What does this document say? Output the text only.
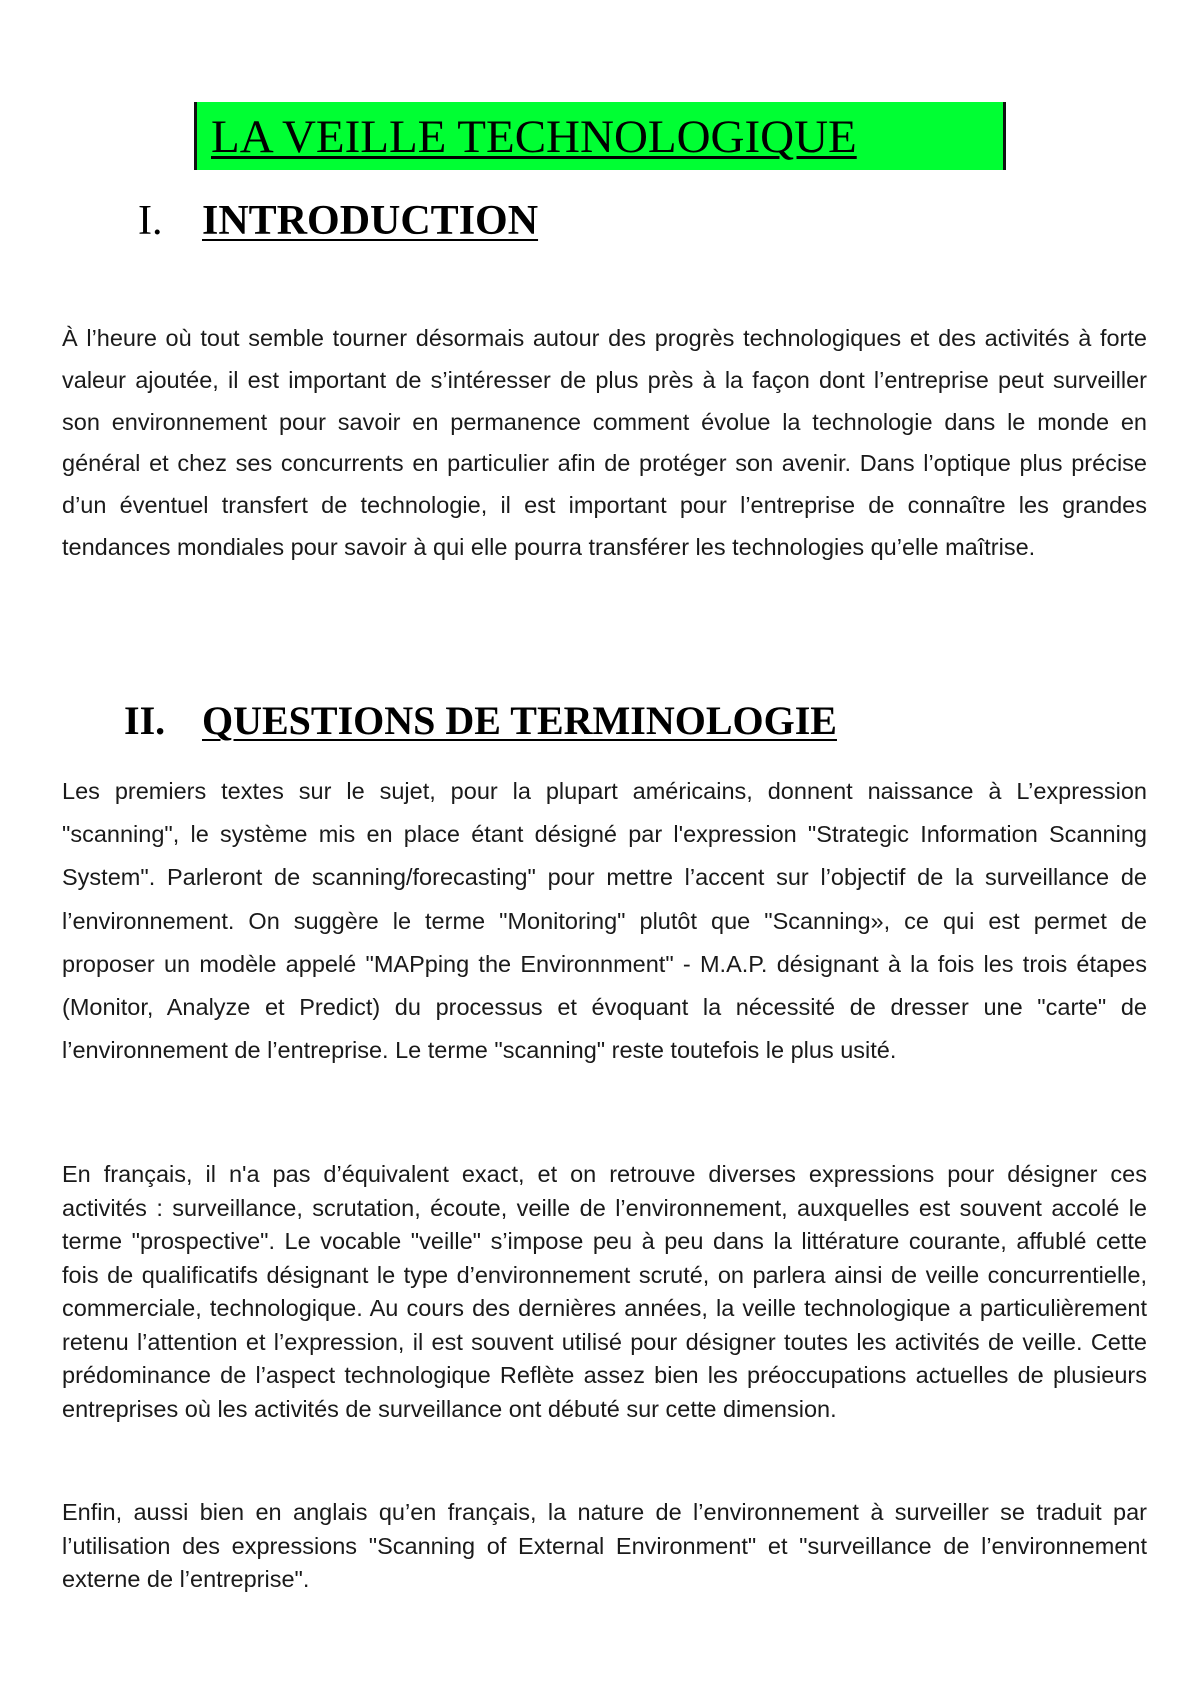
LA VEILLE TECHNOLOGIQUE
I. INTRODUCTION
À l’heure où tout semble tourner désormais autour des progrès technologiques et des activités à forte valeur ajoutée, il est important de s’intéresser de plus près à la façon dont l’entreprise peut surveiller son environnement pour savoir en permanence comment évolue la technologie dans le monde en général et chez ses concurrents en particulier afin de protéger son avenir. Dans l’optique plus précise d’un éventuel transfert de technologie, il est important pour l’entreprise de connaître les grandes tendances mondiales pour savoir à qui elle pourra transférer les technologies qu’elle maîtrise.
II. QUESTIONS DE TERMINOLOGIE
Les premiers textes sur le sujet, pour la plupart américains, donnent naissance à L’expression "scanning", le système mis en place étant désigné par l'expression "Strategic Information Scanning System". Parleront de scanning/forecasting" pour mettre l’accent sur l’objectif de la surveillance de l’environnement. On suggère le terme "Monitoring" plutôt que "Scanning», ce qui est permet de proposer un modèle appelé "MAPping the Environnment" - M.A.P. désignant à la fois les trois étapes (Monitor, Analyze et Predict) du processus et évoquant la nécessité de dresser une "carte" de l’environnement de l’entreprise. Le terme "scanning" reste toutefois le plus usité.
En français, il n'a pas d’équivalent exact, et on retrouve diverses expressions pour désigner ces activités : surveillance, scrutation, écoute, veille de l’environnement, auxquelles est souvent accolé le terme "prospective". Le vocable "veille" s’impose peu à peu dans la littérature courante, affublé cette fois de qualificatifs désignant le type d’environnement scruté, on parlera ainsi de veille concurrentielle, commerciale, technologique. Au cours des dernières années, la veille technologique a particulièrement retenu l’attention et l’expression, il est souvent utilisé pour désigner toutes les activités de veille. Cette prédominance de l’aspect technologique Reflète assez bien les préoccupations actuelles de plusieurs entreprises où les activités de surveillance ont débuté sur cette dimension.
Enfin, aussi bien en anglais qu’en français, la nature de l’environnement à surveiller se traduit par l’utilisation des expressions "Scanning of External Environment" et "surveillance de l’environnement externe de l’entreprise".
